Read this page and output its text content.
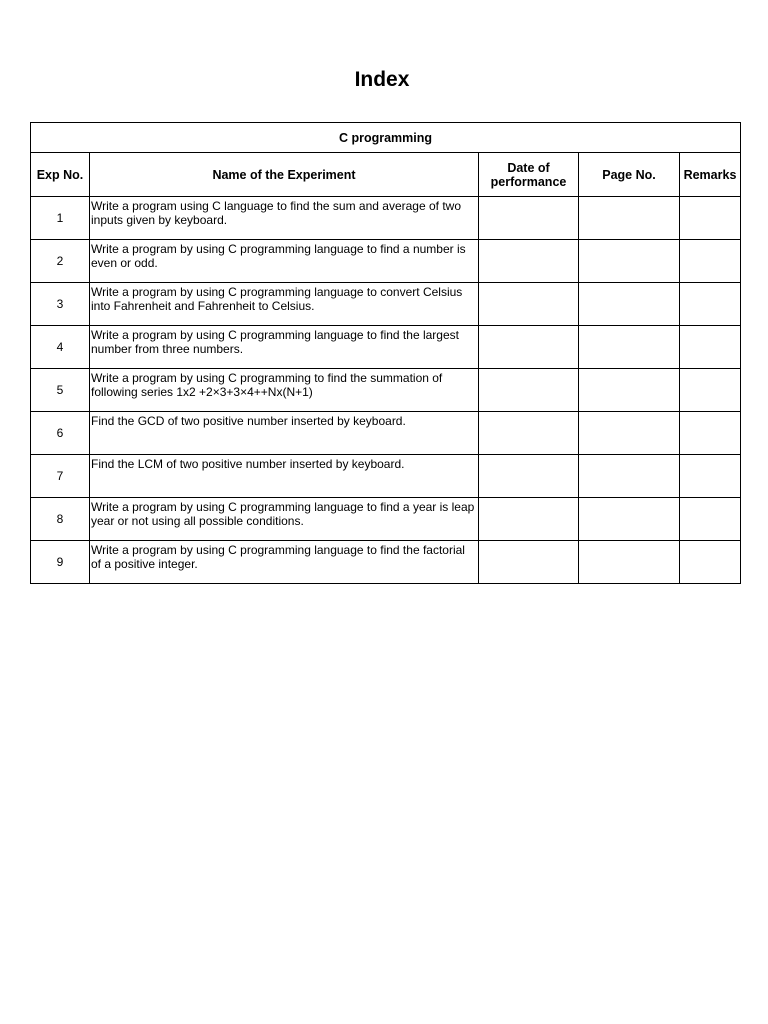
Index
C programming				
Exp No.	Name of the Experiment	Date of performance	Page No.	Remarks
1	Write a program using C language to find the sum and average of two inputs given by keyboard.			
2	Write a program by using C programming language to find a number is even or odd.			
3	Write a program by using C programming language to convert Celsius into Fahrenheit and Fahrenheit to Celsius.			
4	Write a program by using C programming language to find the largest number from three numbers.			
5	Write a program by using C programming to find the summation of following series 1x2 +2×3+3×4++Nx(N+1)			
6	Find the GCD of two positive number inserted by keyboard.			
7	Find the LCM of two positive number inserted by keyboard.			
8	Write a program by using C programming language to find a year is leap year or not using all possible conditions.			
9	Write a program by using C programming language to find the factorial of a positive integer.			
